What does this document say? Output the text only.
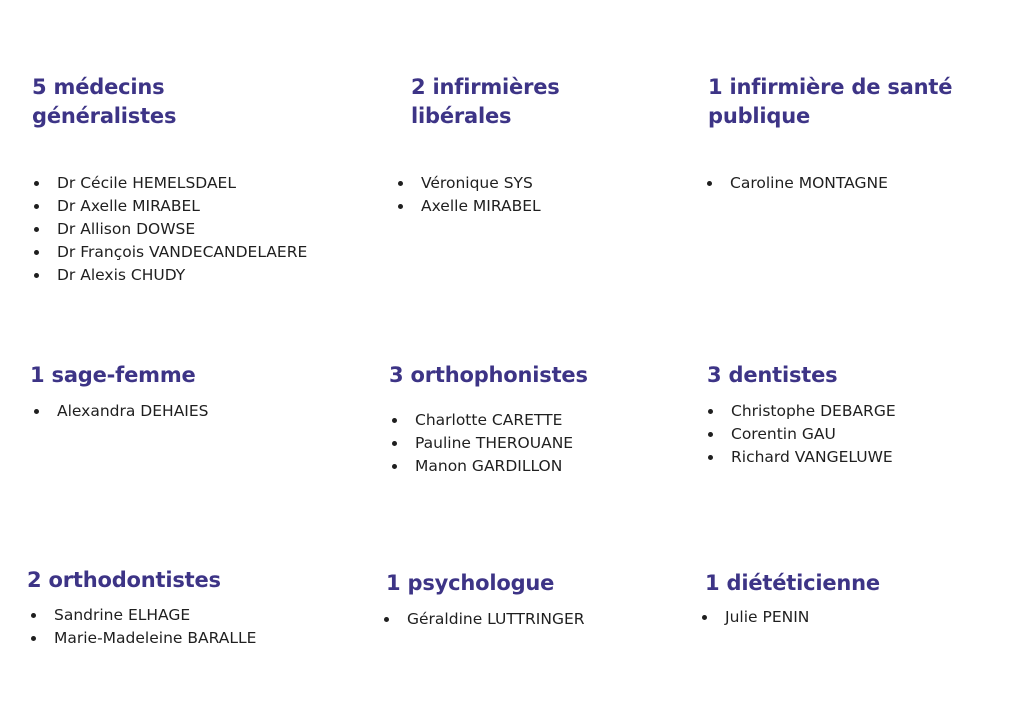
5 médecins
généralistes
Dr Cécile HEMELSDAEL
Dr Axelle MIRABEL
Dr Allison DOWSE
Dr François VANDECANDELAERE
Dr Alexis CHUDY
2 infirmières
libérales
Véronique SYS
Axelle MIRABEL
1 infirmière de santé
publique
Caroline MONTAGNE
1 sage-femme
Alexandra DEHAIES
3 orthophonistes
Charlotte CARETTE
Pauline THEROUANE
Manon GARDILLON
3 dentistes
Christophe DEBARGE
Corentin GAU
Richard VANGELUWE
2 orthodontistes
Sandrine ELHAGE
Marie-Madeleine BARALLE
1 psychologue
Géraldine LUTTRINGER
1 diététicienne
Julie PENIN
